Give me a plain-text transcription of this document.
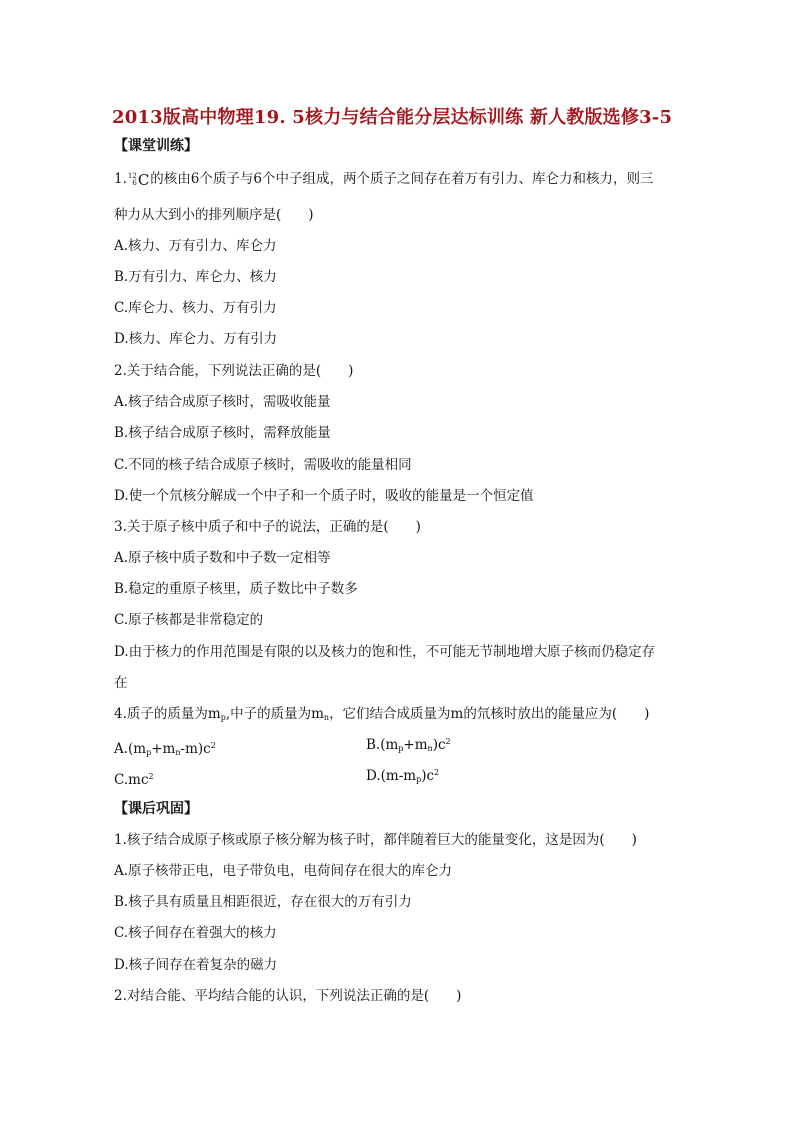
2013版高中物理19. 5核力与结合能分层达标训练 新人教版选修3-5
【课堂训练】
1. 12
6 C 的核由6个质子与6个中子组成，两个质子之间存在着万有引力、库仑力和核力，则三
种力从大到小的排列顺序是(　　)
A.核力、万有引力、库仑力
B.万有引力、库仑力、核力
C.库仑力、核力、万有引力
D.核力、库仑力、万有引力
2.关于结合能，下列说法正确的是(　　)
A.核子结合成原子核时，需吸收能量
B.核子结合成原子核时，需释放能量
C.不同的核子结合成原子核时，需吸收的能量相同
D.使一个氘核分解成一个中子和一个质子时，吸收的能量是一个恒定值
3.关于原子核中质子和中子的说法，正确的是(　　)
A.原子核中质子数和中子数一定相等
B.稳定的重原子核里，质子数比中子数多
C.原子核都是非常稳定的
D.由于核力的作用范围是有限的以及核力的饱和性，不可能无节制地增大原子核而仍稳定存
在
4.质子的质量为$m_p$,中子的质量为$m_n$，它们结合成质量为m的氘核时放出的能量应为(　　)
$A.(m_p+m_n-m)c^2$	$B.(m_p+m_n)c^2$
$C.mc^2$	$D.(m-m_p)c^2$
【课后巩固】
1.核子结合成原子核或原子核分解为核子时，都伴随着巨大的能量变化，这是因为(　　)
A.原子核带正电，电子带负电，电荷间存在很大的库仑力
B.核子具有质量且相距很近，存在很大的万有引力
C.核子间存在着强大的核力
D.核子间存在着复杂的磁力
2.对结合能、平均结合能的认识，下列说法正确的是(　　)
